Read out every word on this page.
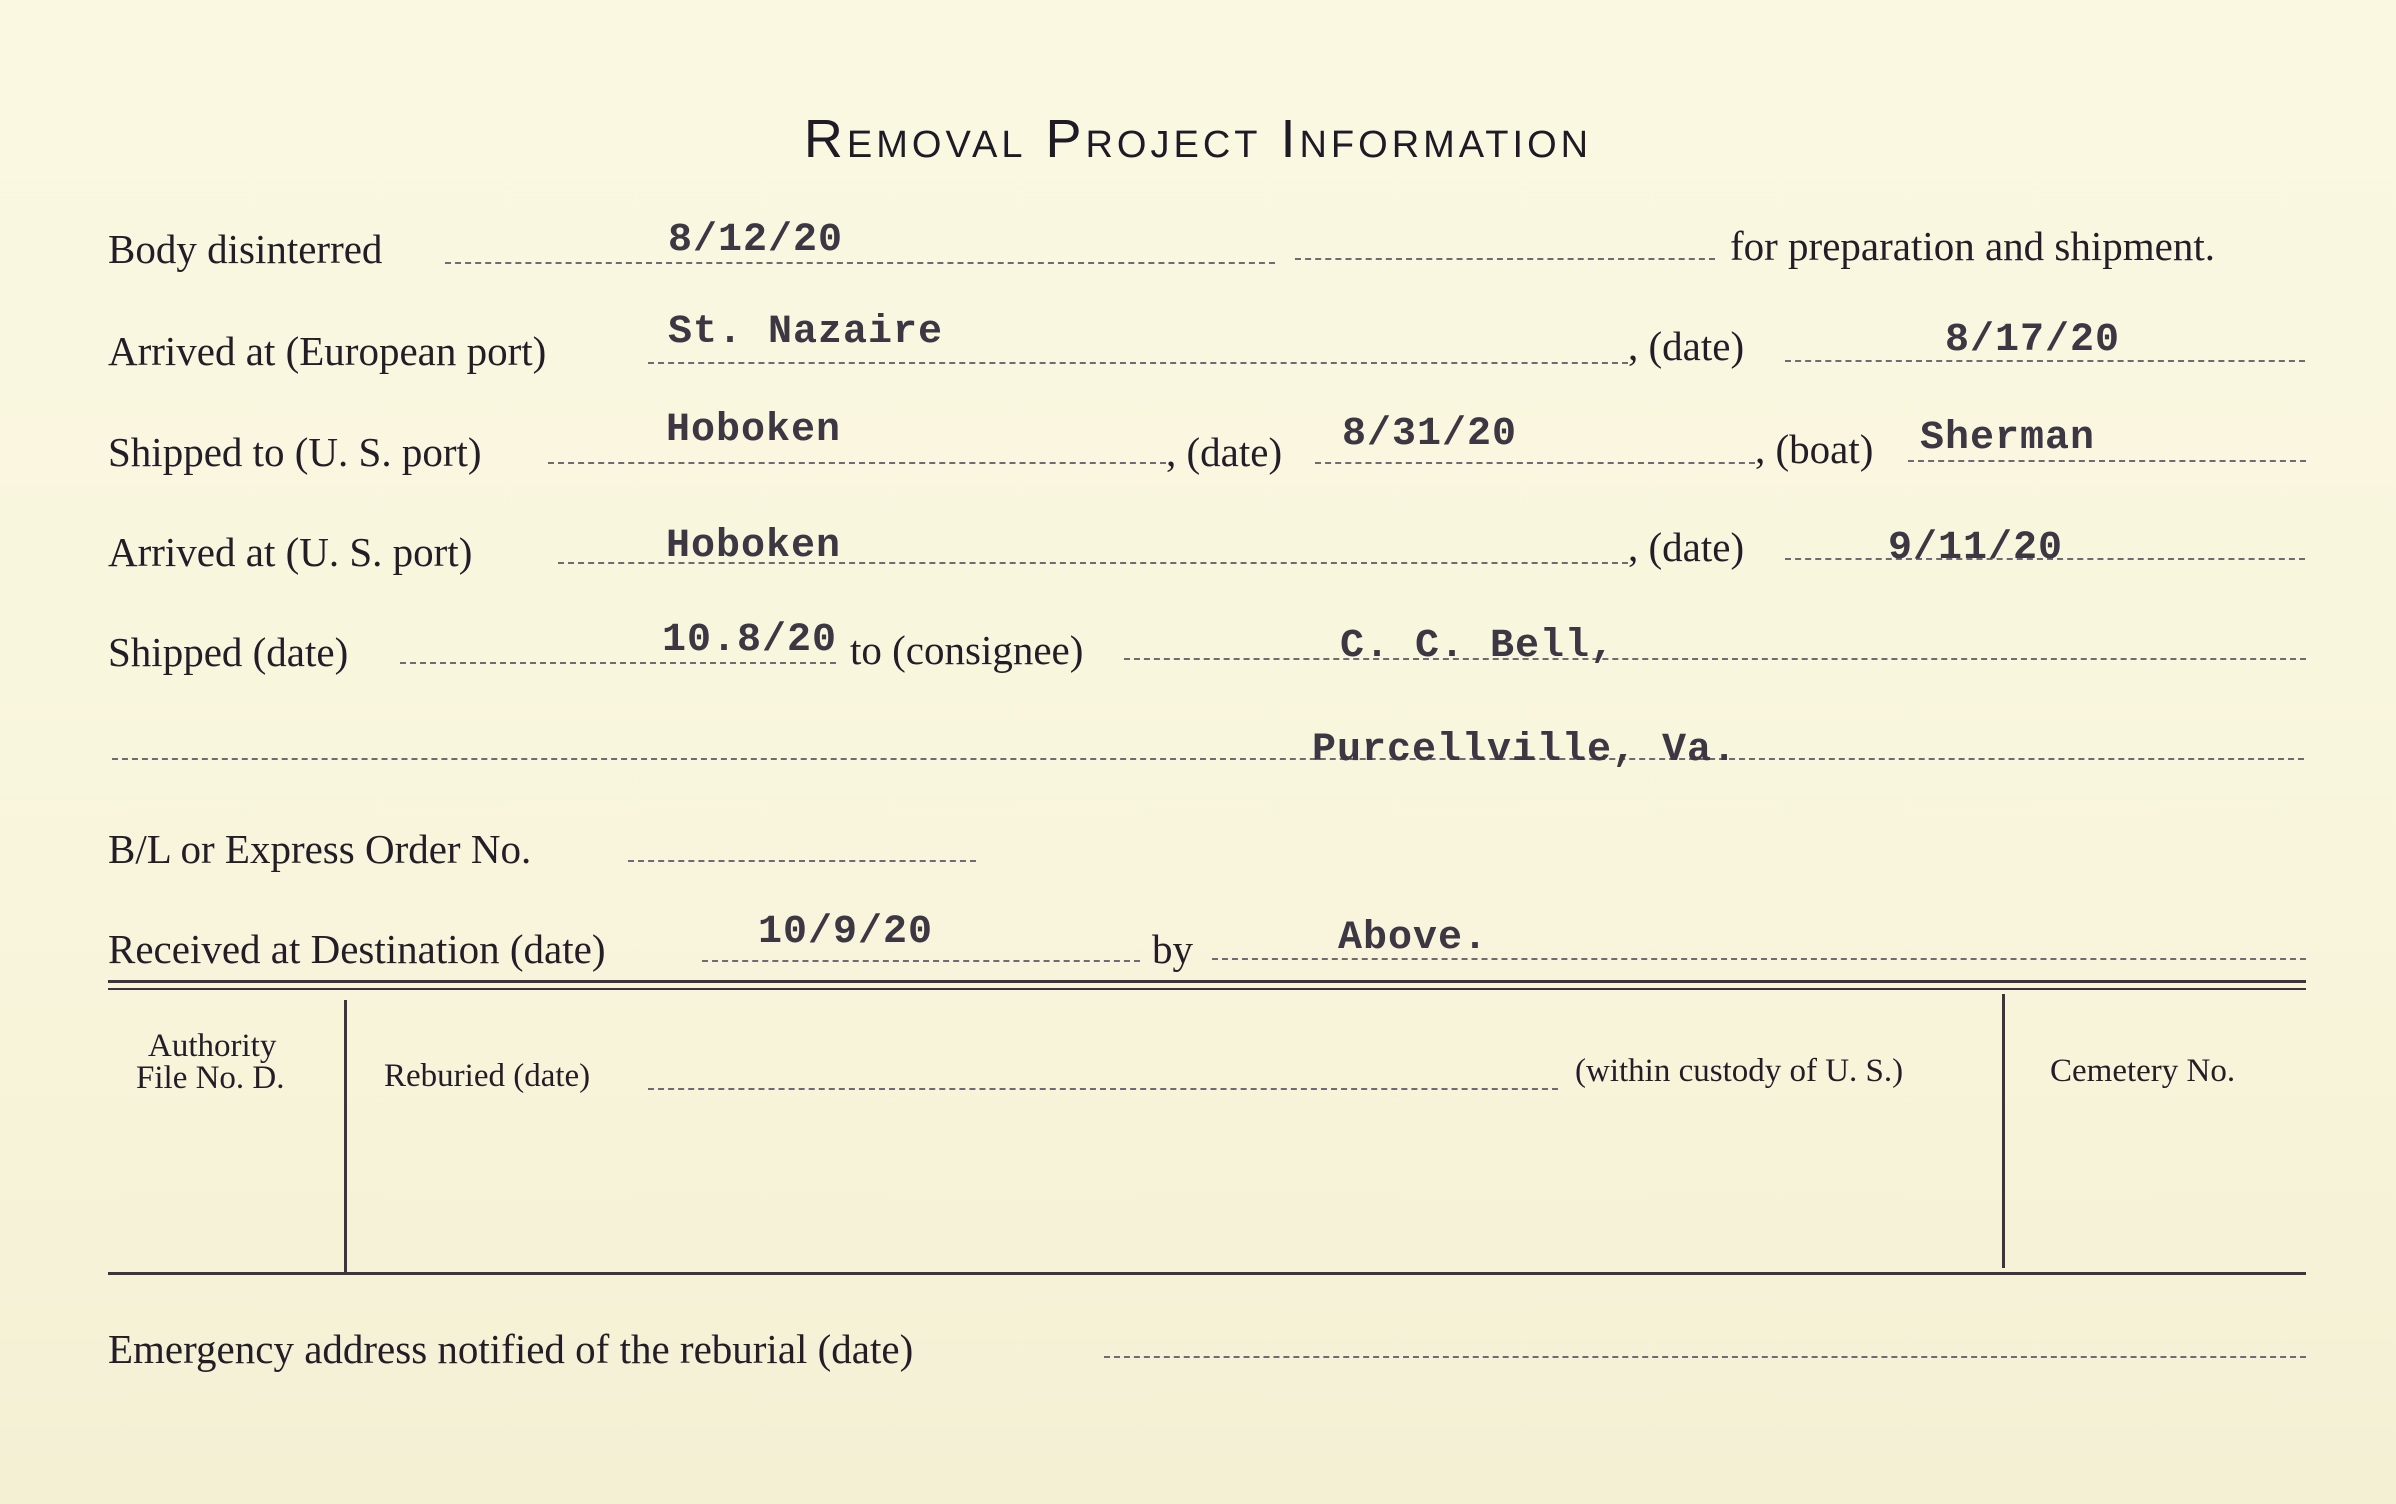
Removal Project Information
Body disinterred	8/12/20	for preparation and shipment.
Arrived at (European port)	St. Nazaire	, (date)	8/17/20
Shipped to (U. S. port)	Hoboken	, (date) 8/31/20	, (boat) Sherman
Arrived at (U. S. port)	Hoboken	, (date)	9/11/20
Shipped (date)	10.8/20 to (consignee)	C. C. Bell,
Purcellville, Va.
B/L or Express Order No.
Received at Destination (date)	10/9/20	by	Above.
Authority
File No. D.	Reburied (date)	(within custody of U. S.)	Cemetery No.
Emergency address notified of the reburial (date)
